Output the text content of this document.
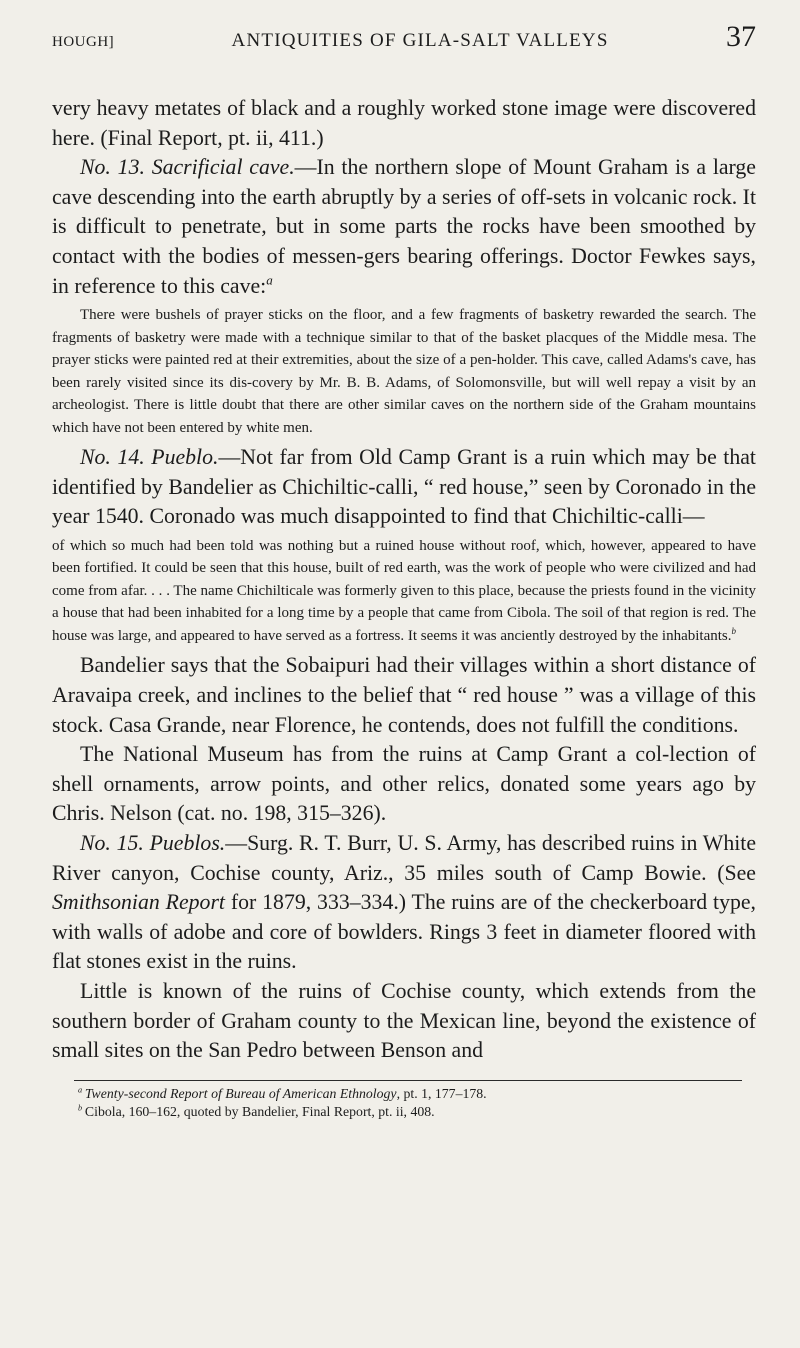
HOUGH]	ANTIQUITIES OF GILA-SALT VALLEYS	37

very heavy metates of black and a roughly worked stone image were discovered here. (Final Report, pt. ii, 411.)

No. 13. Sacrificial cave.—In the northern slope of Mount Graham is a large cave descending into the earth abruptly by a series of off-sets in volcanic rock. It is difficult to penetrate, but in some parts the rocks have been smoothed by contact with the bodies of messen-gers bearing offerings. Doctor Fewkes says, in reference to this cave:$^a$

There were bushels of prayer sticks on the floor, and a few fragments of basketry rewarded the search. The fragments of basketry were made with a technique similar to that of the basket placques of the Middle mesa. The prayer sticks were painted red at their extremities, about the size of a pen-holder. This cave, called Adams's cave, has been rarely visited since its dis-covery by Mr. B. B. Adams, of Solomonsville, but will well repay a visit by an archeologist. There is little doubt that there are other similar caves on the northern side of the Graham mountains which have not been entered by white men.

No. 14. Pueblo.—Not far from Old Camp Grant is a ruin which may be that identified by Bandelier as Chichiltic-calli, “ red house,” seen by Coronado in the year 1540. Coronado was much disappointed to find that Chichiltic-calli—

of which so much had been told was nothing but a ruined house without roof, which, however, appeared to have been fortified. It could be seen that this house, built of red earth, was the work of people who were civilized and had come from afar. . . . The name Chichilticale was formerly given to this place, because the priests found in the vicinity a house that had been inhabited for a long time by a people that came from Cibola. The soil of that region is red. The house was large, and appeared to have served as a fortress. It seems it was anciently destroyed by the inhabitants.$^b$

Bandelier says that the Sobaipuri had their villages within a short distance of Aravaipa creek, and inclines to the belief that “ red house ” was a village of this stock. Casa Grande, near Florence, he contends, does not fulfill the conditions.

The National Museum has from the ruins at Camp Grant a col-lection of shell ornaments, arrow points, and other relics, donated some years ago by Chris. Nelson (cat. no. 198, 315–326).

No. 15. Pueblos.—Surg. R. T. Burr, U. S. Army, has described ruins in White River canyon, Cochise county, Ariz., 35 miles south of Camp Bowie. (See Smithsonian Report for 1879, 333–334.) The ruins are of the checkerboard type, with walls of adobe and core of bowlders. Rings 3 feet in diameter floored with flat stones exist in the ruins.

Little is known of the ruins of Cochise county, which extends from the southern border of Graham county to the Mexican line, beyond the existence of small sites on the San Pedro between Benson and

$^a$  Twenty-second Report of Bureau of American Ethnology, pt. 1, 177–178.

$^b$  Cibola, 160–162, quoted by Bandelier, Final Report, pt. ii, 408.
